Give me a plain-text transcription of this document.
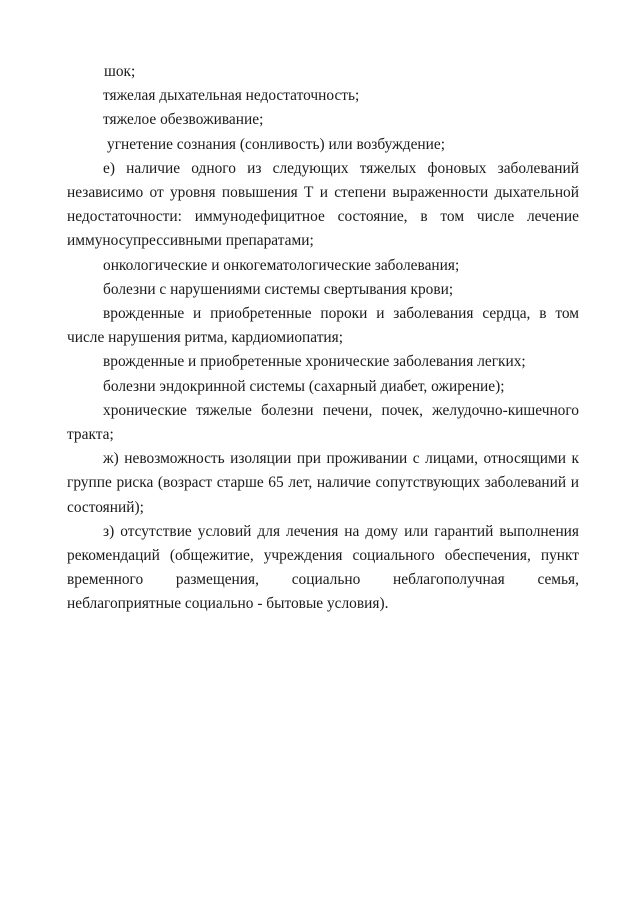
шок;

тяжелая дыхательная недостаточность;

тяжелое обезвоживание;

угнетение сознания (сонливость) или возбуждение;

е) наличие одного из следующих тяжелых фоновых заболеваний независимо от уровня повышения Т и степени выраженности дыхательной недостаточности: иммунодефицитное состояние, в том числе лечение иммуносупрессивными препаратами;

онкологические и онкогематологические заболевания;

болезни с нарушениями системы свертывания крови;

врожденные и приобретенные пороки и заболевания сердца, в том числе нарушения ритма, кардиомиопатия;

врожденные и приобретенные хронические заболевания легких;

болезни эндокринной системы (сахарный диабет, ожирение);

хронические тяжелые болезни печени, почек, желудочно-кишечного тракта;

ж) невозможность изоляции при проживании с лицами, относящими к группе риска (возраст старше 65 лет, наличие сопутствующих заболеваний и состояний);

з) отсутствие условий для лечения на дому или гарантий выполнения рекомендаций (общежитие, учреждения социального обеспечения, пункт временного размещения, социально неблагополучная семья, неблагоприятные социально - бытовые условия).
